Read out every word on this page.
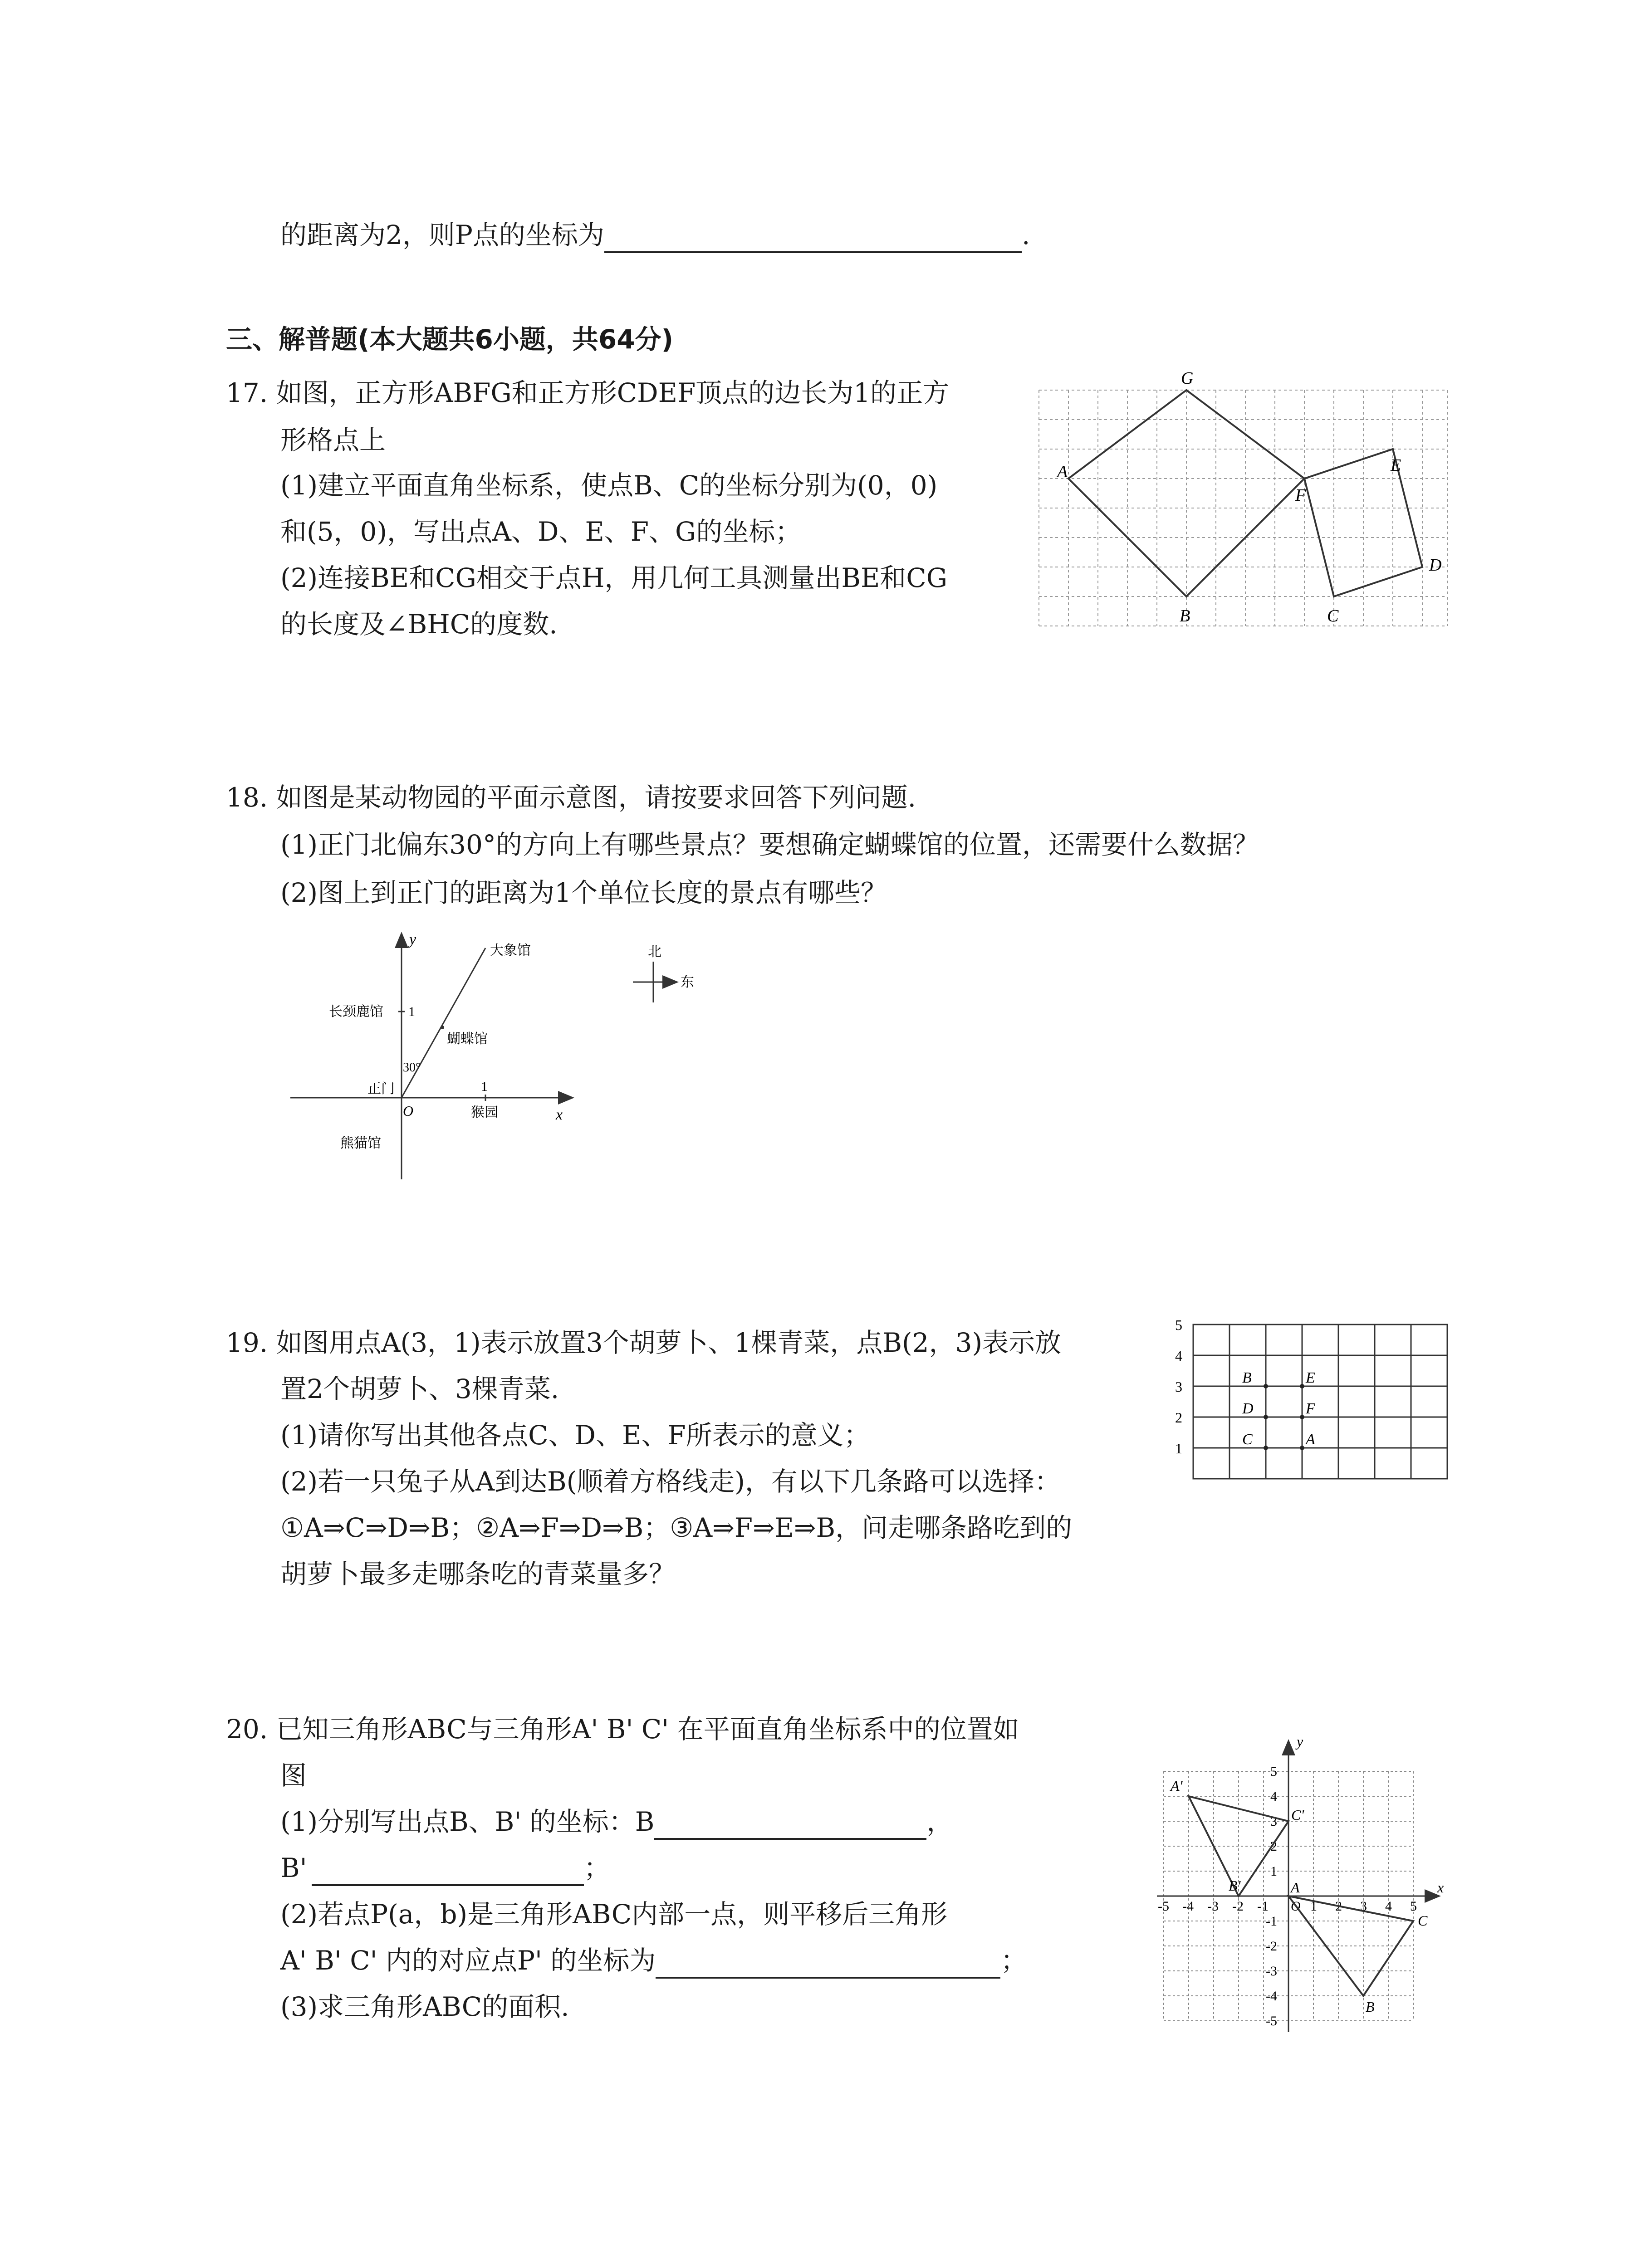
的距离为2，则P点的坐标为	.
三、解普题(本大题共6小题，共64分)
17. 如图，正方形ABFG和正方形CDEF顶点的边长为1的正方
形格点上
(1)建立平面直角坐标系，使点B、C的坐标分别为(0，0)
和(5，0)，写出点A、D、E、F、G的坐标；
(2)连接BE和CG相交于点H，用几何工具测量出BE和CG
的长度及∠BHC的度数.
A
B	C
D
E
F
G
18. 如图是某动物园的平面示意图，请按要求回答下列问题.
(1)正门北偏东30°的方向上有哪些景点？要想确定蝴蝶馆的位置，还需要什么数据？
(2)图上到正门的距离为1个单位长度的景点有哪些？
y
x
O
1
1
30°
大象馆
长颈鹿馆
蝴蝶馆
正门
猴园
熊猫馆
北
东
19. 如图用点A(3，1)表示放置3个胡萝卜、1棵青菜，点B(2，3)表示放
置2个胡萝卜、3棵青菜.
(1)请你写出其他各点C、D、E、F所表示的意义；
(2)若一只兔子从A到达B(顺着方格线走)，有以下几条路可以选择：
①A⇒C⇒D⇒B；②A⇒F⇒D⇒B；③A⇒F⇒E⇒B，问走哪条路吃到的
胡萝卜最多走哪条吃的青菜量多？
5
4
3
2
1
B	E
D	F
C	A
20. 已知三角形ABC与三角形A' B' C' 在平面直角坐标系中的位置如
图
(1)分别写出点B、B' 的坐标：B	，
B'	；
(2)若点P(a，b)是三角形ABC内部一点，则平移后三角形
A' B' C' 内的对应点P' 的坐标为	；
(3)求三角形ABC的面积.
y
x
O
-5 -4 -3 -2 -1	1 2 3 4 5
5
4
3
2
1
-1
-2
-3
-4
-5
A
B
C
A'
B'
C'
